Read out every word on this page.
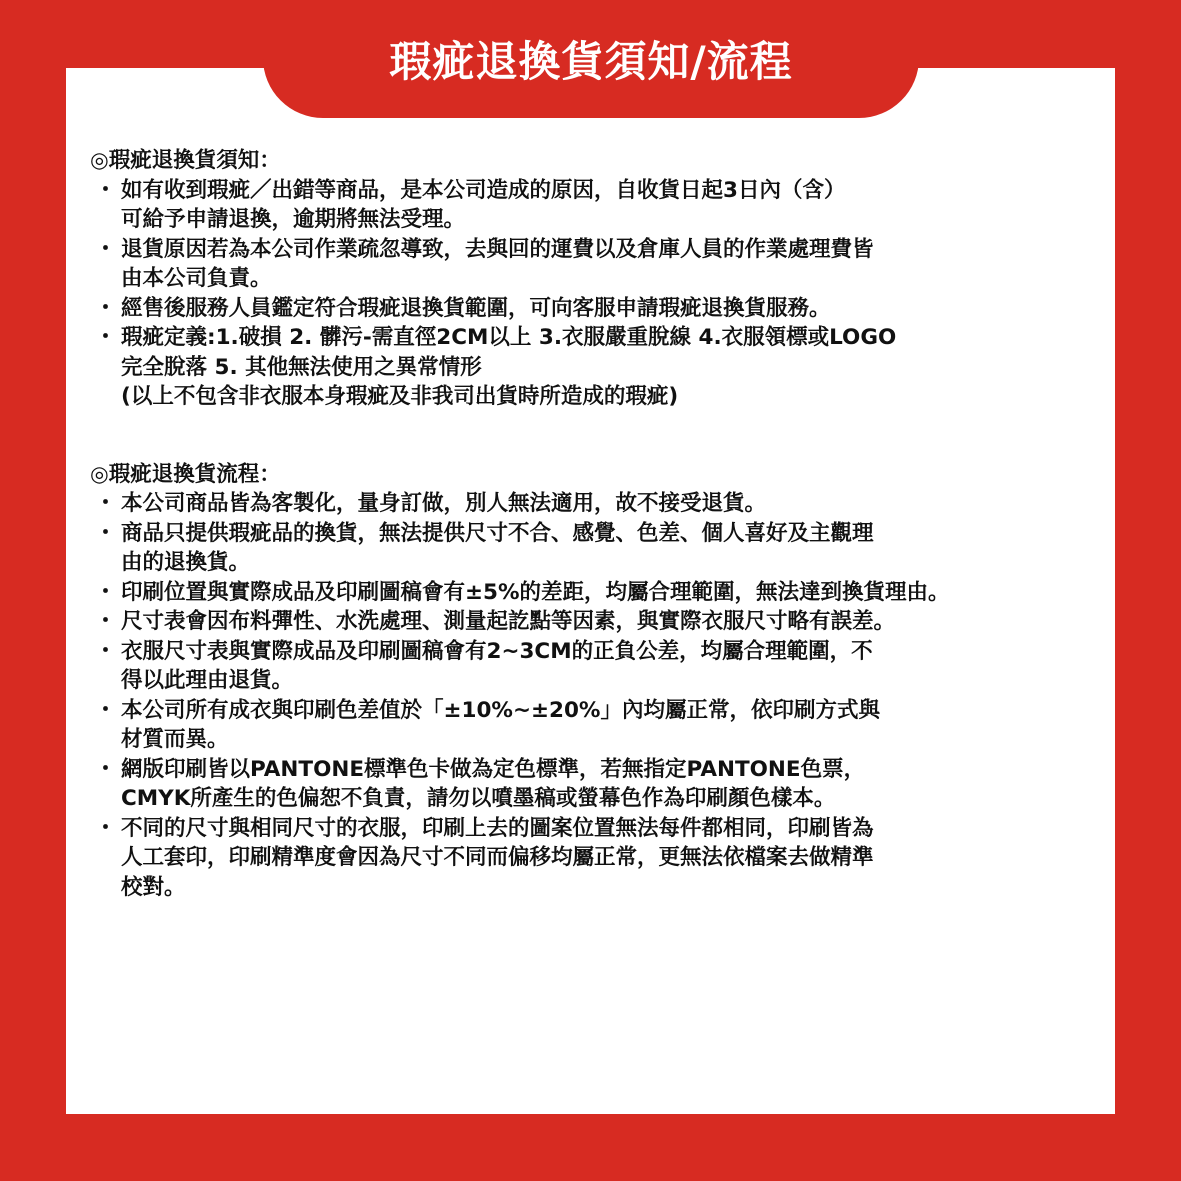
瑕疵退換貨須知/流程
◎瑕疵退換貨須知：
・ 如有收到瑕疵／出錯等商品，是本公司造成的原因，自收貨日起3日內（含）
可給予申請退換，逾期將無法受理。
・ 退貨原因若為本公司作業疏忽導致，去與回的運費以及倉庫人員的作業處理費皆
由本公司負責。
・ 經售後服務人員鑑定符合瑕疵退換貨範圍，可向客服申請瑕疵退換貨服務。
・ 瑕疵定義:1.破損 2. 髒污-需直徑2CM以上 3.衣服嚴重脫線 4.衣服領標或LOGO
完全脫落 5. 其他無法使用之異常情形
(以上不包含非衣服本身瑕疵及非我司出貨時所造成的瑕疵)
◎瑕疵退換貨流程：
・ 本公司商品皆為客製化，量身訂做，別人無法適用，故不接受退貨。
・ 商品只提供瑕疵品的換貨，無法提供尺寸不合、感覺、色差、個人喜好及主觀理
由的退換貨。
・ 印刷位置與實際成品及印刷圖稿會有±5%的差距，均屬合理範圍，無法達到換貨理由。
・ 尺寸表會因布料彈性、水洗處理、測量起訖點等因素，與實際衣服尺寸略有誤差。
・ 衣服尺寸表與實際成品及印刷圖稿會有2~3CM的正負公差，均屬合理範圍，不
得以此理由退貨。
・ 本公司所有成衣與印刷色差值於「±10%~±20%」內均屬正常，依印刷方式與
材質而異。
・ 網版印刷皆以PANTONE標準色卡做為定色標準，若無指定PANTONE色票，
CMYK所產生的色偏恕不負責，請勿以噴墨稿或螢幕色作為印刷顏色樣本。
・ 不同的尺寸與相同尺寸的衣服，印刷上去的圖案位置無法每件都相同，印刷皆為
人工套印，印刷精準度會因為尺寸不同而偏移均屬正常，更無法依檔案去做精準
校對。
